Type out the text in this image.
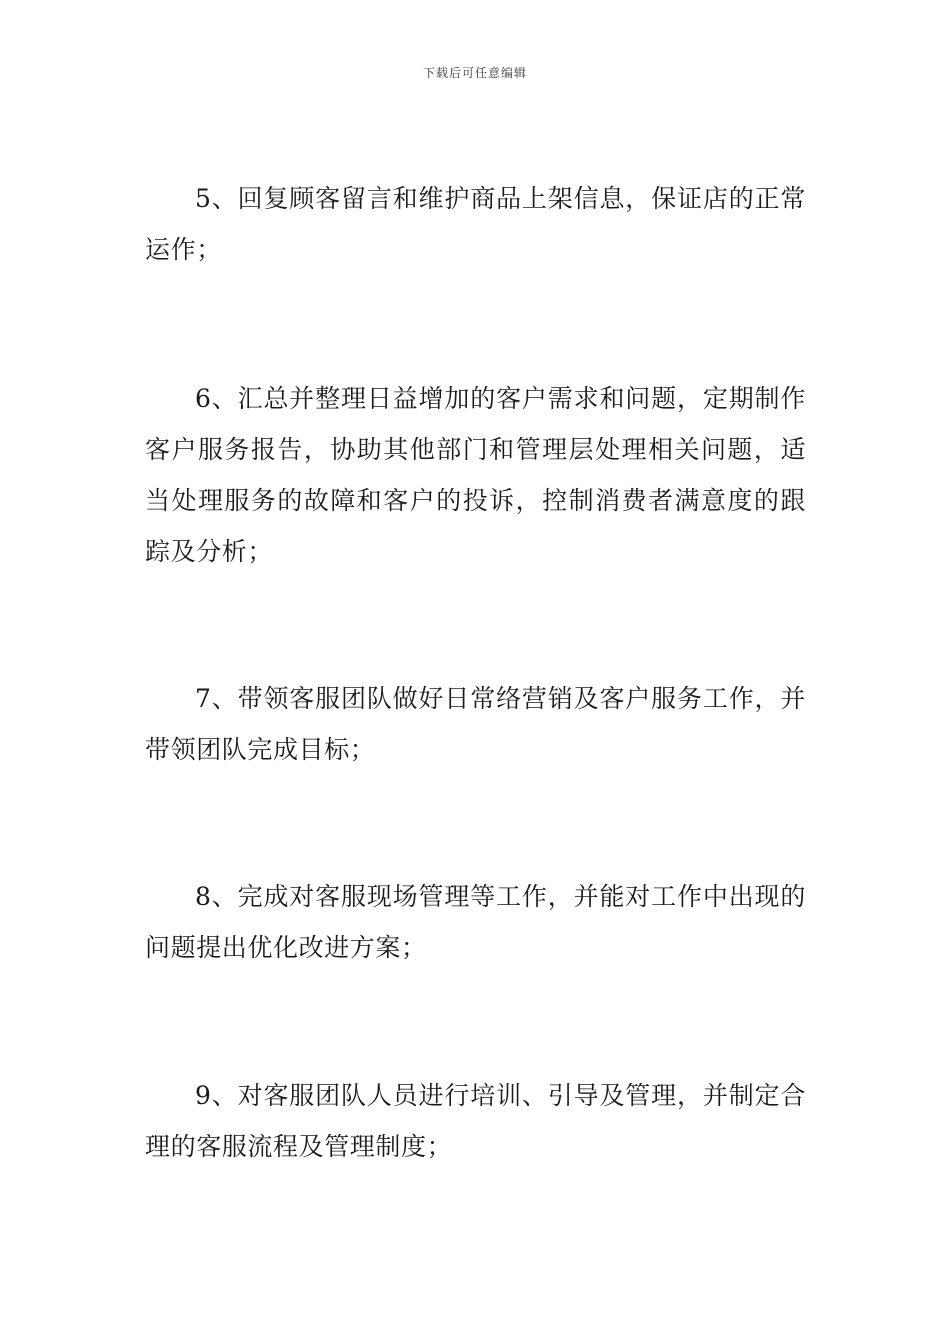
下载后可任意编辑

5、回复顾客留言和维护商品上架信息，保证店的正常运作；

6、汇总并整理日益增加的客户需求和问题，定期制作客户服务报告，协助其他部门和管理层处理相关问题，适当处理服务的故障和客户的投诉，控制消费者满意度的跟踪及分析；

7、带领客服团队做好日常络营销及客户服务工作，并带领团队完成目标；

8、完成对客服现场管理等工作，并能对工作中出现的问题提出优化改进方案；

9、对客服团队人员进行培训、引导及管理，并制定合理的客服流程及管理制度；
